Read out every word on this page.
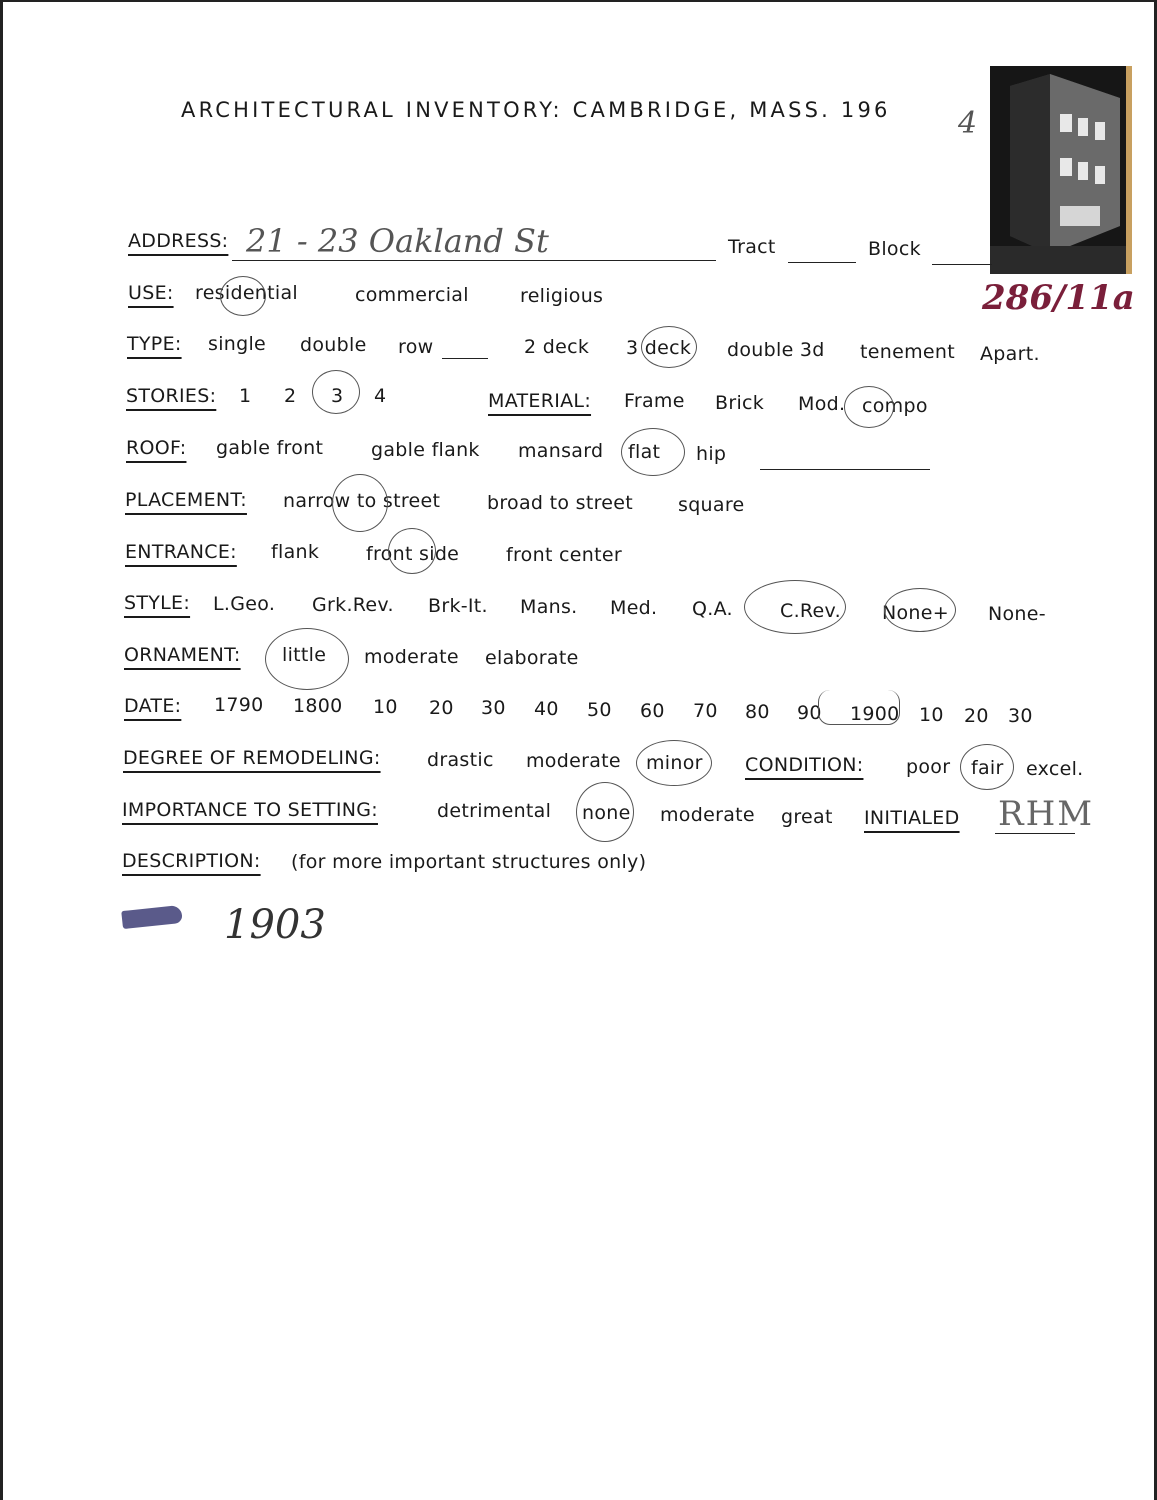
ARCHITECTURAL INVENTORY: CAMBRIDGE, MASS. 196 4
286/11a
ADDRESS: 21 - 23 Oakland St	Tract	Block
USE: residential	commercial	religious
TYPE: single double row	2 deck 3 deck double 3d tenement Apart.
STORIES: 1 2 3 4	MATERIAL: Frame Brick Mod. compo
ROOF: gable front	gable flank mansard flat hip
PLACEMENT: narrow to street broad to street square
ENTRANCE: flank front side front center
STYLE: L.Geo. Grk.Rev. Brk-It. Mans. Med. Q.A. C.Rev. None+ None-
ORNAMENT: little moderate elaborate
DATE: 1790 1800 10 20 30 40 50 60 70 80 90 1900 10 20 30
DEGREE OF REMODELING: drastic moderate minor CONDITION: poor fair excel.
IMPORTANCE TO SETTING:	detrimental none moderate great INITIALED RHM
DESCRIPTION: (for more important structures only)
1903
